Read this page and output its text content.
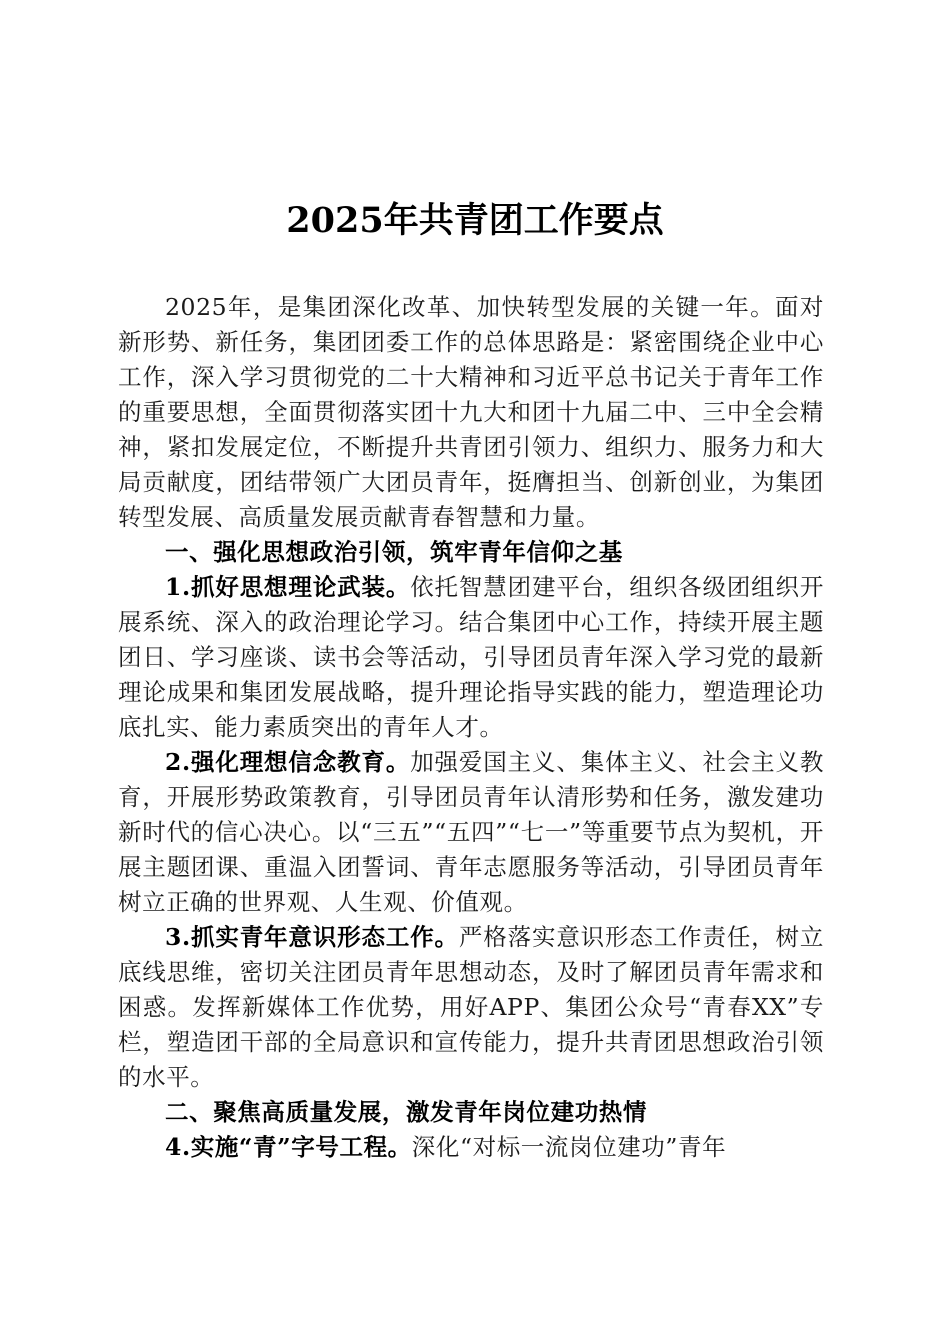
2025年共青团工作要点

2025年，是集团深化改革、加快转型发展的关键一年。面对新形势、新任务，集团团委工作的总体思路是：紧密围绕企业中心工作，深入学习贯彻党的二十大精神和习近平总书记关于青年工作的重要思想，全面贯彻落实团十九大和团十九届二中、三中全会精神，紧扣发展定位，不断提升共青团引领力、组织力、服务力和大局贡献度，团结带领广大团员青年，挺膺担当、创新创业，为集团转型发展、高质量发展贡献青春智慧和力量。

一、强化思想政治引领，筑牢青年信仰之基

1.抓好思想理论武装。依托智慧团建平台，组织各级团组织开展系统、深入的政治理论学习。结合集团中心工作，持续开展主题团日、学习座谈、读书会等活动，引导团员青年深入学习党的最新理论成果和集团发展战略，提升理论指导实践的能力，塑造理论功底扎实、能力素质突出的青年人才。

2.强化理想信念教育。加强爱国主义、集体主义、社会主义教育，开展形势政策教育，引导团员青年认清形势和任务，激发建功新时代的信心决心。以“三五”“五四”“七一”等重要节点为契机，开展主题团课、重温入团誓词、青年志愿服务等活动，引导团员青年树立正确的世界观、人生观、价值观。

3.抓实青年意识形态工作。严格落实意识形态工作责任，树立底线思维，密切关注团员青年思想动态，及时了解团员青年需求和困惑。发挥新媒体工作优势，用好APP、集团公众号“青春XX”专栏，塑造团干部的全局意识和宣传能力，提升共青团思想政治引领的水平。

二、聚焦高质量发展，激发青年岗位建功热情

4.实施“青”字号工程。深化“对标一流岗位建功”青年
